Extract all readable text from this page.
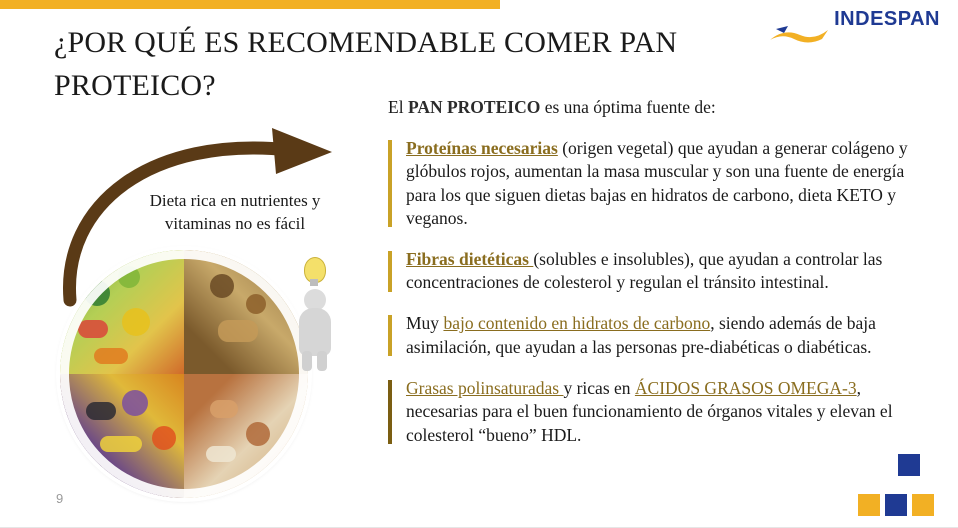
INDESPAN
¿POR QUÉ ES RECOMENDABLE COMER PAN PROTEICO?
Dieta rica en nutrientes y vitaminas no es fácil

El PAN PROTEICO es una óptima fuente de:

Proteínas necesarias (origen vegetal) que ayudan a generar colágeno y glóbulos rojos, aumentan la masa muscular y son una fuente de energía para los que siguen dietas bajas en hidratos de carbono, dieta KETO y veganos.

Fibras dietéticas (solubles e insolubles), que ayudan a controlar las concentraciones de colesterol y regulan el tránsito intestinal.

Muy bajo contenido en hidratos de carbono, siendo además de baja asimilación, que ayudan a las personas pre-diabéticas o diabéticas.

Grasas polinsaturadas y ricas en ÁCIDOS GRASOS OMEGA-3, necesarias para el buen funcionamiento de órganos vitales y elevan el colesterol “bueno” HDL.

9
